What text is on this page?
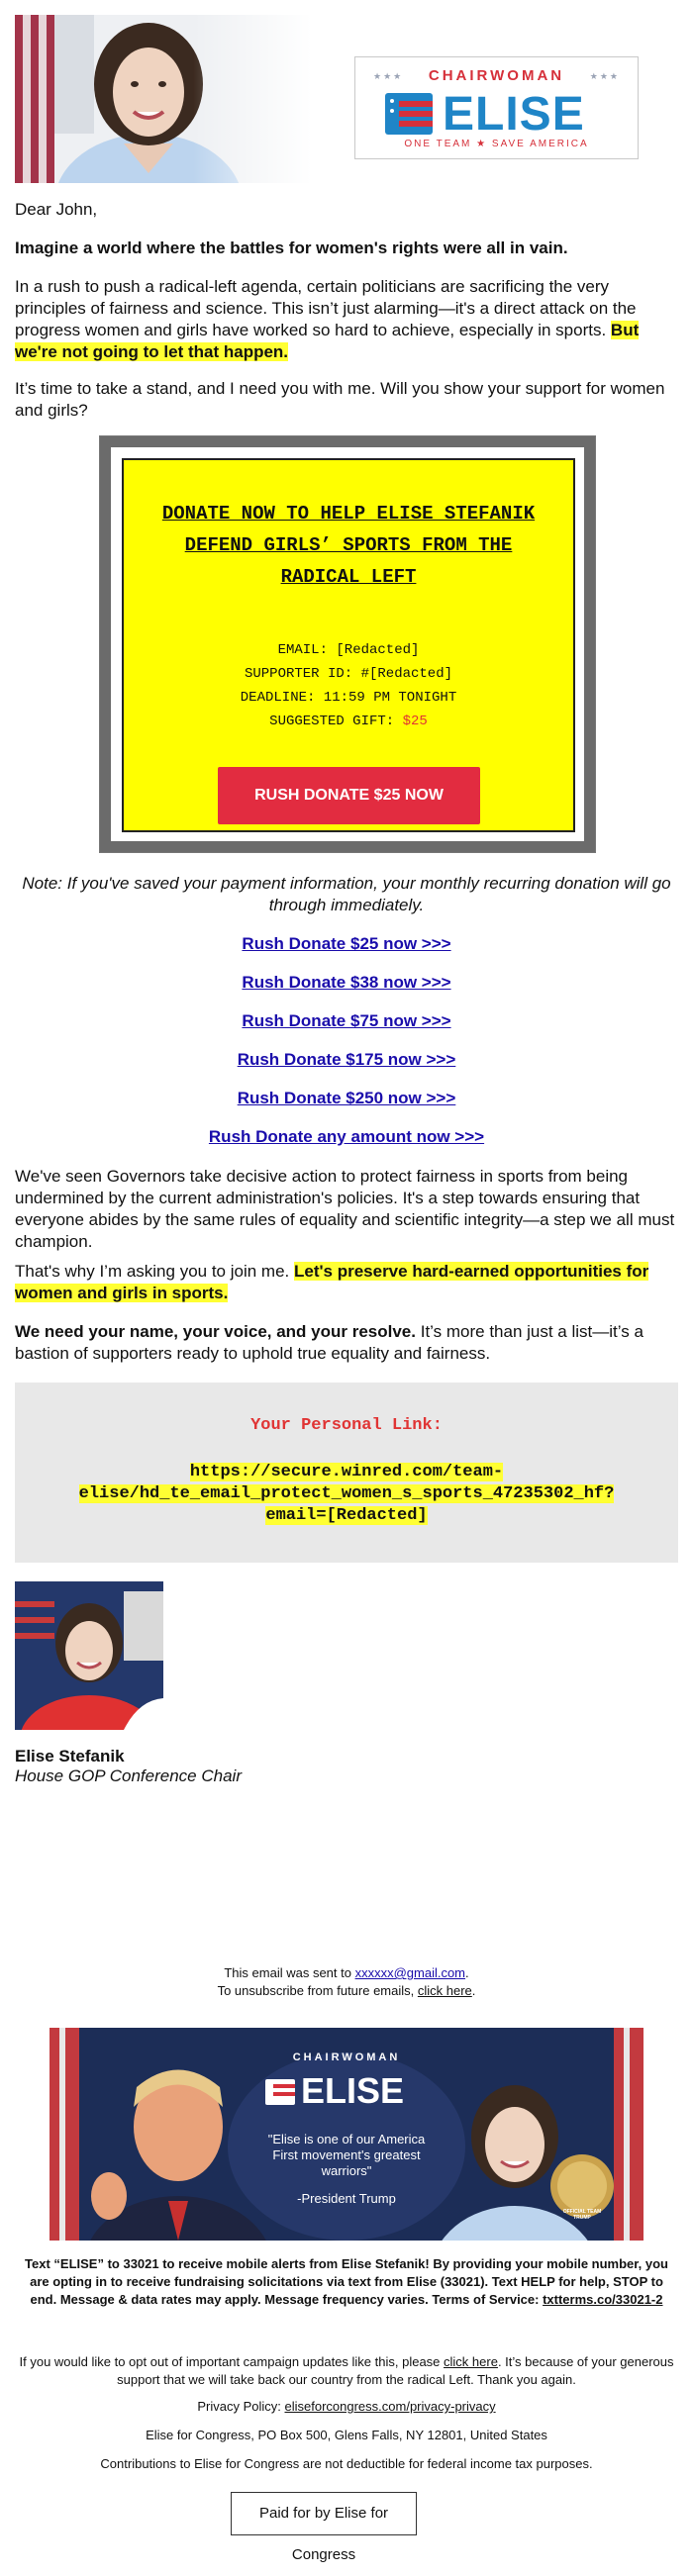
★★★	CHAIRWOMAN	★★★
ELISE
ONE TEAM ★ SAVE AMERICA

Dear John,

Imagine a world where the battles for women's rights were all in vain.

In a rush to push a radical-left agenda, certain politicians are sacrificing the very principles of fairness and science. This isn’t just alarming—it's a direct attack on the progress women and girls have worked so hard to achieve, especially in sports. But we're not going to let that happen.

It’s time to take a stand, and I need you with me. Will you show your support for women and girls?

DONATE NOW TO HELP ELISE STEFANIK DEFEND GIRLS’ SPORTS FROM THE RADICAL LEFT
EMAIL: [Redacted]
SUPPORTER ID: #[Redacted]
DEADLINE: 11:59 PM TONIGHT
SUGGESTED GIFT: $25
RUSH DONATE $25 NOW

Note: If you've saved your payment information, your monthly recurring donation will go through immediately.

Rush Donate $25 now >>>
Rush Donate $38 now >>>
Rush Donate $75 now >>>
Rush Donate $175 now >>>
Rush Donate $250 now >>>
Rush Donate any amount now >>>

We've seen Governors take decisive action to protect fairness in sports from being undermined by the current administration's policies. It's a step towards ensuring that everyone abides by the same rules of equality and scientific integrity—a step we all must champion.

That's why I’m asking you to join me. Let's preserve hard-earned opportunities for women and girls in sports.

We need your name, your voice, and your resolve. It’s more than just a list—it’s a bastion of supporters ready to uphold true equality and fairness.

Your Personal Link:
https://secure.winred.com/team-elise/hd_te_email_protect_women_s_sports_47235302_hf?email=[Redacted]
Elise Stefanik
House GOP Conference Chair

This email was sent to xxxxxx@gmail.com.

To unsubscribe from future emails, click here.

CHAIRWOMAN
ELISE
"Elise is one of our America First movement's greatest warriors"
-President Trump
OFFICIAL TEAM TRUMP

Text “ELISE” to 33021 to receive mobile alerts from Elise Stefanik! By providing your mobile number, you are opting in to receive fundraising solicitations via text from Elise (33021). Text HELP for help, STOP to end. Message & data rates may apply. Message frequency varies. Terms of Service: txtterms.co/33021-2

If you would like to opt out of important campaign updates like this, please click here. It’s because of your generous support that we will take back our country from the radical Left. Thank you again.

Privacy Policy: eliseforcongress.com/privacy-privacy

Elise for Congress, PO Box 500, Glens Falls, NY 12801, United States

Contributions to Elise for Congress are not deductible for federal income tax purposes.

Paid for by Elise for Congress
